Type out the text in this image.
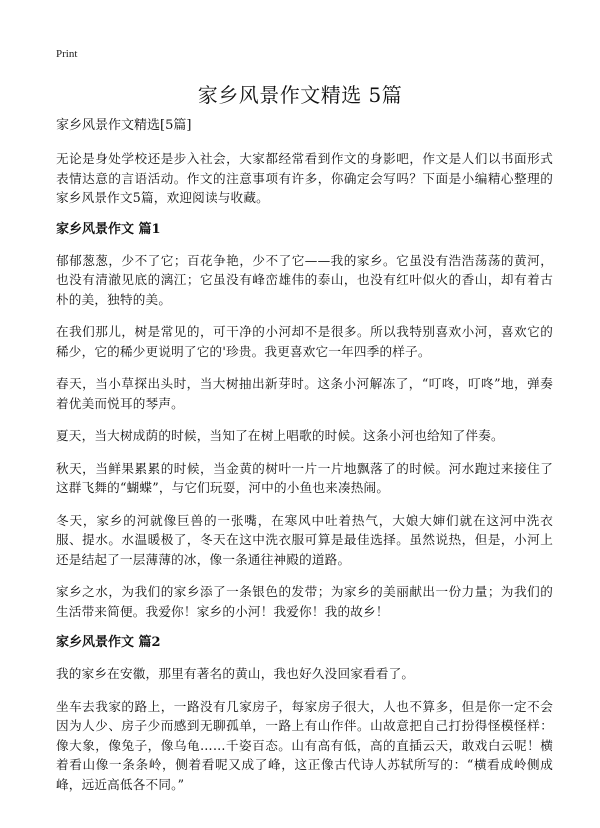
Print
家乡风景作文精选 5篇
家乡风景作文精选[5篇]

无论是身处学校还是步入社会，大家都经常看到作文的身影吧，作文是人们以书面形式表情达意的言语活动。作文的注意事项有许多，你确定会写吗？下面是小编精心整理的家乡风景作文5篇，欢迎阅读与收藏。

家乡风景作文 篇1

郁郁葱葱，少不了它；百花争艳，少不了它——我的家乡。它虽没有浩浩荡荡的黄河，也没有清澈见底的漓江；它虽没有峰峦雄伟的泰山，也没有红叶似火的香山，却有着古朴的美，独特的美。

在我们那儿，树是常见的，可干净的小河却不是很多。所以我特别喜欢小河，喜欢它的稀少，它的稀少更说明了它的'珍贵。我更喜欢它一年四季的样子。

春天，当小草探出头时，当大树抽出新芽时。这条小河解冻了，“叮咚，叮咚”地，弹奏着优美而悦耳的琴声。

夏天，当大树成荫的时候，当知了在树上唱歌的时候。这条小河也给知了伴奏。

秋天，当鲜果累累的时候，当金黄的树叶一片一片地飘落了的时候。河水跑过来接住了这群飞舞的“蝴蝶”，与它们玩耍，河中的小鱼也来凑热闹。

冬天，家乡的河就像巨兽的一张嘴，在寒风中吐着热气，大娘大婶们就在这河中洗衣服、提水。水温暖极了，冬天在这中洗衣服可算是最佳选择。虽然说热，但是，小河上还是结起了一层薄薄的冰，像一条通往神殿的道路。

家乡之水，为我们的家乡添了一条银色的发带；为家乡的美丽献出一份力量；为我们的生活带来简便。我爱你！家乡的小河！我爱你！我的故乡！

家乡风景作文 篇2

我的家乡在安徽，那里有著名的黄山，我也好久没回家看看了。

坐车去我家的路上，一路没有几家房子，每家房子很大，人也不算多，但是你一定不会因为人少、房子少而感到无聊孤单，一路上有山作伴。山故意把自己打扮得怪模怪样：像大象，像兔子，像乌龟……千姿百态。山有高有低，高的直插云天，敢戏白云呢！横着看山像一条条岭，侧着看呢又成了峰，这正像古代诗人苏轼所写的：“横看成岭侧成峰，远近高低各不同。”
